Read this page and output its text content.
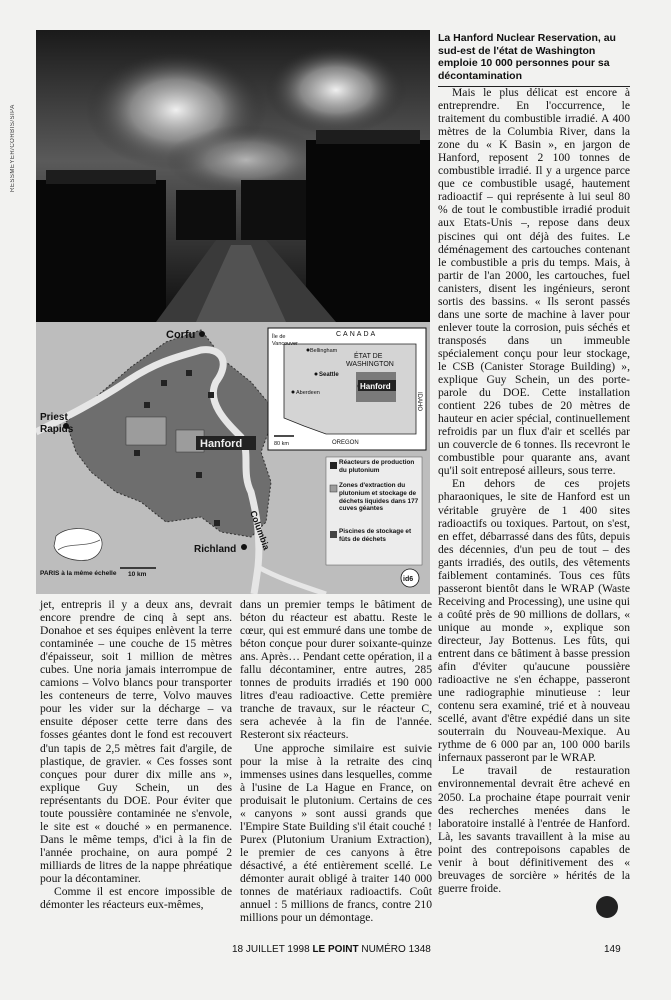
RESSMEYER/CORBIS/SIPA
La Hanford Nuclear Reservation, au sud-est de l'état de Washington emploie 10 000 personnes pour sa décontamination
Corfu
Priest
Rapids
Hanford
Columbia
Richland
CANADA
Île de
Vancouver
Bellingham
Seattle
Aberdeen
ÉTAT DE
WASHINGTON
Hanford
IDAHO
OREGON
80 km
Réacteurs de production du plutonium
Zones d'extraction du plutonium et stockage de déchets liquides dans 177 cuves géantes
Piscines de stockage et fûts de déchets
PARIS à la même échelle 10 km
id6

Mais le plus délicat est encore à entreprendre. En l'occurrence, le traitement du combustible irradié. A 400 mètres de la Columbia River, dans la zone du « K Basin », en jargon de Hanford, reposent 2 100 tonnes de combustible irradié. Il y a urgence parce que ce combustible usagé, hautement radioactif – qui représente à lui seul 80 % de tout le combustible irradié produit aux Etats-Unis –, repose dans deux piscines qui ont déjà des fuites. Le déménagement des cartouches contenant le combustible a pris du temps. Mais, à partir de l'an 2000, les cartouches, fuel canisters, disent les ingénieurs, seront sortis des bassins. « Ils seront passés dans une sorte de machine à laver pour enlever toute la corrosion, puis séchés et transposés dans un immeuble spécialement conçu pour leur stockage, le CSB (Canister Storage Building) », explique Guy Schein, un des porte-parole du DOE. Cette installation contient 226 tubes de 20 mètres de hauteur en acier spécial, continuellement refroidis par un flux d'air et scellés par un couvercle de 6 tonnes. Ils recevront le combustible pour quarante ans, avant qu'il soit entreposé ailleurs, sous terre.

En dehors de ces projets pharaoniques, le site de Hanford est un véritable gruyère de 1 400 sites radioactifs ou toxiques. Partout, on s'est, en effet, débarrassé dans des fûts, depuis des décennies, d'un peu de tout – des gants irradiés, des outils, des vêtements faiblement contaminés. Tous ces fûts passeront bientôt dans le WRAP (Waste Receiving and Processing), une usine qui a coûté près de 90 millions de dollars, « unique au monde », explique son directeur, Jay Bottenus. Les fûts, qui entrent dans ce bâtiment à basse pression afin d'éviter qu'aucune poussière radioactive ne s'en échappe, passeront une radiographie minutieuse : leur contenu sera examiné, trié et à nouveau scellé, avant d'être expédié dans un site souterrain du Nouveau-Mexique. Au rythme de 6 000 par an, 100 000 barils infernaux passeront par le WRAP.

Le travail de restauration environnemental devrait être achevé en 2050. La prochaine étape pourrait venir des recherches menées dans le laboratoire installé à l'entrée de Hanford. Là, les savants travaillent à la mise au point des contrepoisons capables de venir à bout définitivement des « breuvages de sorcière » hérités de la guerre froide.

jet, entrepris il y a deux ans, devrait encore prendre de cinq à sept ans. Donahoe et ses équipes enlèvent la terre contaminée – une couche de 15 mètres d'épaisseur, soit 1 million de mètres cubes. Une noria jamais interrompue de camions – Volvo blancs pour transporter les conteneurs de terre, Volvo mauves pour les vider sur la décharge – va ensuite déposer cette terre dans des fosses géantes dont le fond est recouvert d'un tapis de 2,5 mètres fait d'argile, de plastique, de gravier. « Ces fosses sont conçues pour durer dix mille ans », explique Guy Schein, un des représentants du DOE. Pour éviter que toute poussière contaminée ne s'envole, le site est « douché » en permanence. Dans le même temps, d'ici à la fin de l'année prochaine, on aura pompé 2 milliards de litres de la nappe phréatique pour la décontaminer.

Comme il est encore impossible de démonter les réacteurs eux-mêmes,

dans un premier temps le bâtiment de béton du réacteur est abattu. Reste le cœur, qui est emmuré dans une tombe de béton conçue pour durer soixante-quinze ans. Après… Pendant cette opération, il a fallu décontaminer, entre autres, 285 tonnes de produits irradiés et 190 000 litres d'eau radioactive. Cette première tranche de travaux, sur le réacteur C, sera achevée à la fin de l'année. Resteront six réacteurs.

Une approche similaire est suivie pour la mise à la retraite des cinq immenses usines dans lesquelles, comme à l'usine de La Hague en France, on produisait le plutonium. Certains de ces « canyons » sont aussi grands que l'Empire State Building s'il était couché ! Purex (Plutonium Uranium Extraction), le premier de ces canyons à être désactivé, a été entièrement scellé. Le démonter aurait obligé à traiter 140 000 tonnes de matériaux radioactifs. Coût annuel : 5 millions de francs, contre 210 millions pour un démontage.

18 JUILLET 1998 LE POINT NUMÉRO 1348	149
